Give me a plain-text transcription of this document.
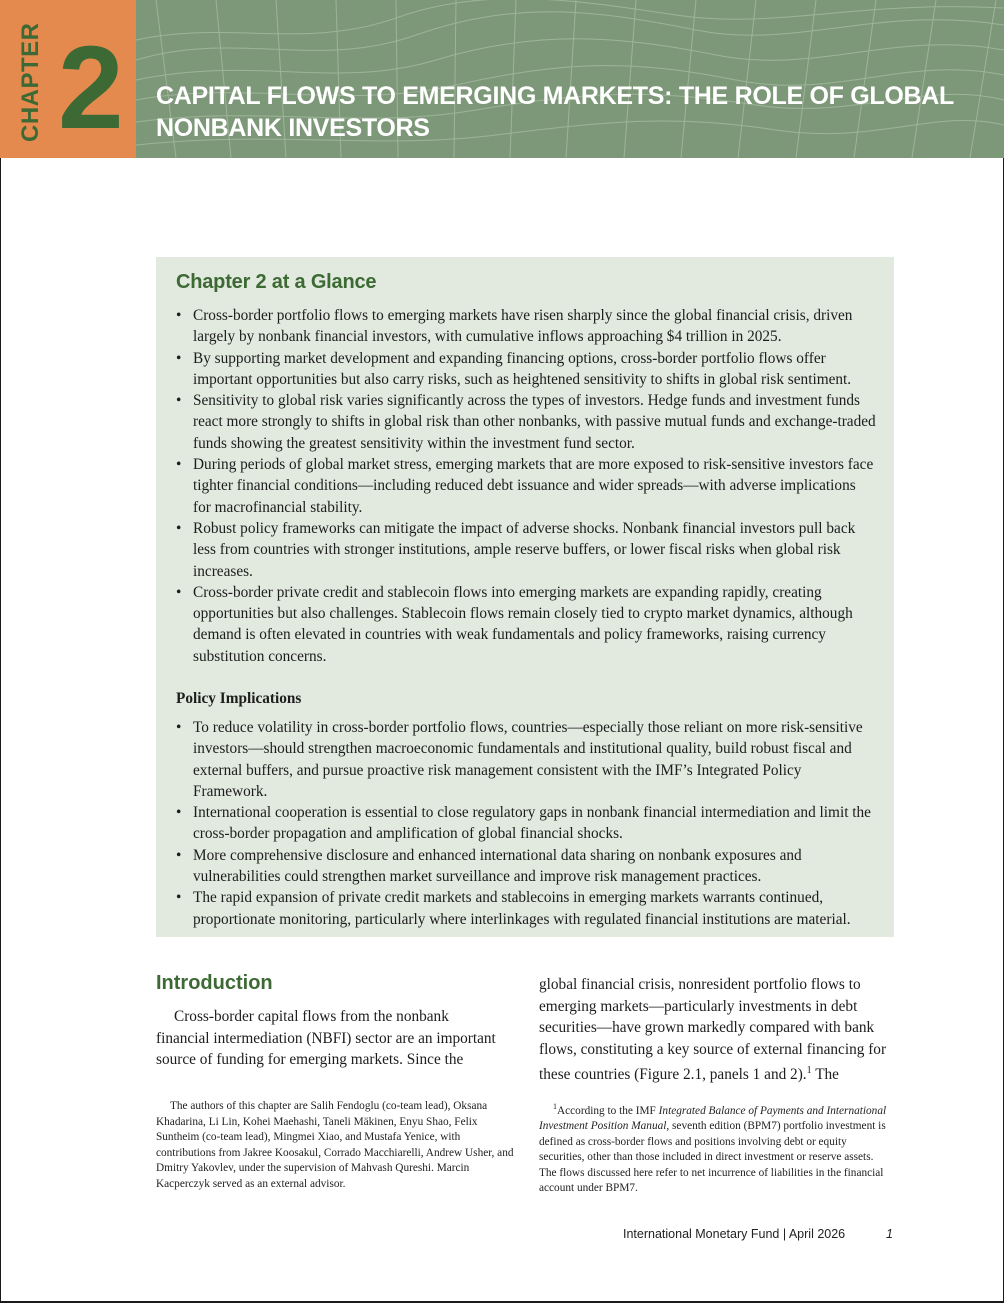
CHAPTER 2 CAPITAL FLOWS TO EMERGING MARKETS: THE ROLE OF GLOBAL
NONBANK INVESTORS
Chapter 2 at a Glance
• Cross-border portfolio flows to emerging markets have risen sharply since the global financial crisis, driven largely by nonbank financial investors, with cumulative inflows approaching $4 trillion in 2025.
• By supporting market development and expanding financing options, cross-border portfolio flows offer important opportunities but also carry risks, such as heightened sensitivity to shifts in global risk sentiment.
• Sensitivity to global risk varies significantly across the types of investors. Hedge funds and investment funds react more strongly to shifts in global risk than other nonbanks, with passive mutual funds and exchange-traded funds showing the greatest sensitivity within the investment fund sector.
• During periods of global market stress, emerging markets that are more exposed to risk-sensitive investors face tighter financial conditions—including reduced debt issuance and wider spreads—with adverse implications for macrofinancial stability.
• Robust policy frameworks can mitigate the impact of adverse shocks. Nonbank financial investors pull back less from countries with stronger institutions, ample reserve buffers, or lower fiscal risks when global risk increases.
• Cross-border private credit and stablecoin flows into emerging markets are expanding rapidly, creating opportunities but also challenges. Stablecoin flows remain closely tied to crypto market dynamics, although demand is often elevated in countries with weak fundamentals and policy frameworks, raising currency substitution concerns.

Policy Implications

• To reduce volatility in cross-border portfolio flows, countries—especially those reliant on more risk-sensitive investors—should strengthen macroeconomic fundamentals and institutional quality, build robust fiscal and external buffers, and pursue proactive risk management consistent with the IMF’s Integrated Policy Framework.
• International cooperation is essential to close regulatory gaps in nonbank financial intermediation and limit the cross-border propagation and amplification of global financial shocks.
• More comprehensive disclosure and enhanced international data sharing on nonbank exposures and vulnerabilities could strengthen market surveillance and improve risk management practices.
• The rapid expansion of private credit markets and stablecoins in emerging markets warrants continued, proportionate monitoring, particularly where interlinkages with regulated financial institutions are material.
Introduction

Cross-border capital flows from the nonbank financial intermediation (NBFI) sector are an important source of funding for emerging markets. Since the

global financial crisis, nonresident portfolio flows to emerging markets—particularly investments in debt securities—have grown markedly compared with bank flows, constituting a key source of external financing for these countries (Figure 2.1, panels 1 and 2).$^1$ The

The authors of this chapter are Salih Fendoglu (co-team lead), Oksana Khadarina, Li Lin, Kohei Maehashi, Taneli Mäkinen, Enyu Shao, Felix Suntheim (co-team lead), Mingmei Xiao, and Mustafa Yenice, with contributions from Jakree Koosakul, Corrado Macchiarelli, Andrew Usher, and Dmitry Yakovlev, under the supervision of Mahvash Qureshi. Marcin Kacperczyk served as an external advisor.

$^1$According to the IMF Integrated Balance of Payments and International Investment Position Manual, seventh edition (BPM7) portfolio investment is defined as cross-border flows and positions involving debt or equity securities, other than those included in direct investment or reserve assets. The flows discussed here refer to net incurrence of liabilities in the financial account under BPM7.

International Monetary Fund | April 2026	1
